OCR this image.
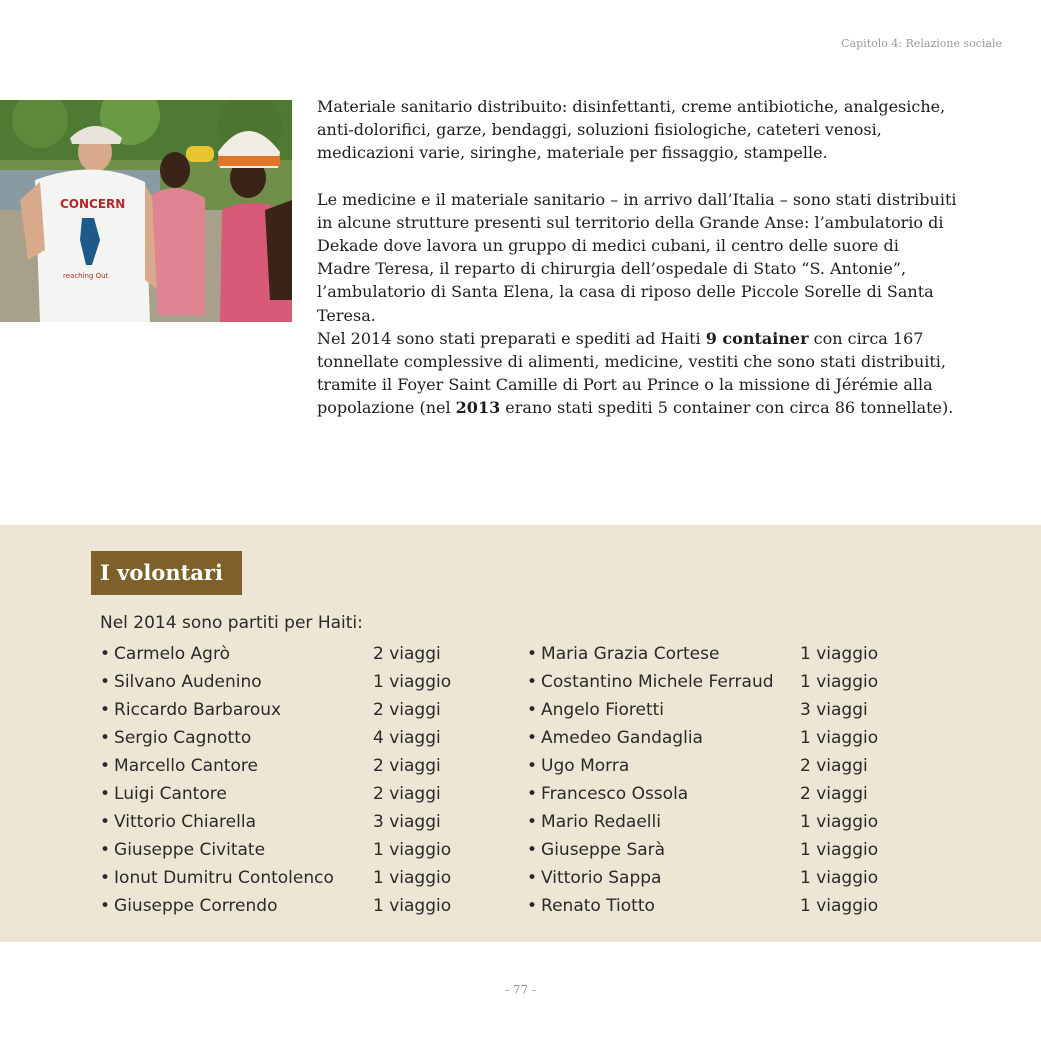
Capitolo 4: Relazione sociale
CONCERN
reaching Out

Materiale sanitario distribuito: disinfettanti, creme antibiotiche, analgesiche, anti-dolorifici, garze, bendaggi, soluzioni fisiologiche, cateteri venosi, medicazioni varie, siringhe, materiale per fissaggio, stampelle.

Le medicine e il materiale sanitario – in arrivo dall’Italia – sono stati distribuiti in alcune strutture presenti sul territorio della Grande Anse: l’ambulatorio di Dekade dove lavora un gruppo di medici cubani, il centro delle suore di Madre Teresa, il reparto di chirurgia dell’ospedale di Stato “S. Antonie”, l’ambulatorio di Santa Elena, la casa di riposo delle Piccole Sorelle di Santa Teresa.

Nel 2014 sono stati preparati e spediti ad Haiti 9 container con circa 167 tonnellate complessive di alimenti, medicine, vestiti che sono stati distribuiti, tramite il Foyer Saint Camille di Port au Prince o la missione di Jérémie alla popolazione (nel 2013 erano stati spediti 5 container con circa 86 tonnellate).

I volontari
Nel 2014 sono partiti per Haiti:
• Carmelo Agrò	2 viaggi
• Silvano Audenino	1 viaggio
• Riccardo Barbaroux	2 viaggi
• Sergio Cagnotto	4 viaggi
• Marcello Cantore	2 viaggi
• Luigi Cantore	2 viaggi
• Vittorio Chiarella	3 viaggi
• Giuseppe Civitate	1 viaggio
• Ionut Dumitru Contolenco 1 viaggio
• Giuseppe Correndo	1 viaggio
• Maria Grazia Cortese	1 viaggio
• Costantino Michele Ferraud 1 viaggio
• Angelo Fioretti	3 viaggi
• Amedeo Gandaglia	1 viaggio
• Ugo Morra	2 viaggi
• Francesco Ossola	2 viaggi
• Mario Redaelli	1 viaggio
• Giuseppe Sarà	1 viaggio
• Vittorio Sappa	1 viaggio
• Renato Tiotto	1 viaggio
- 77 -
